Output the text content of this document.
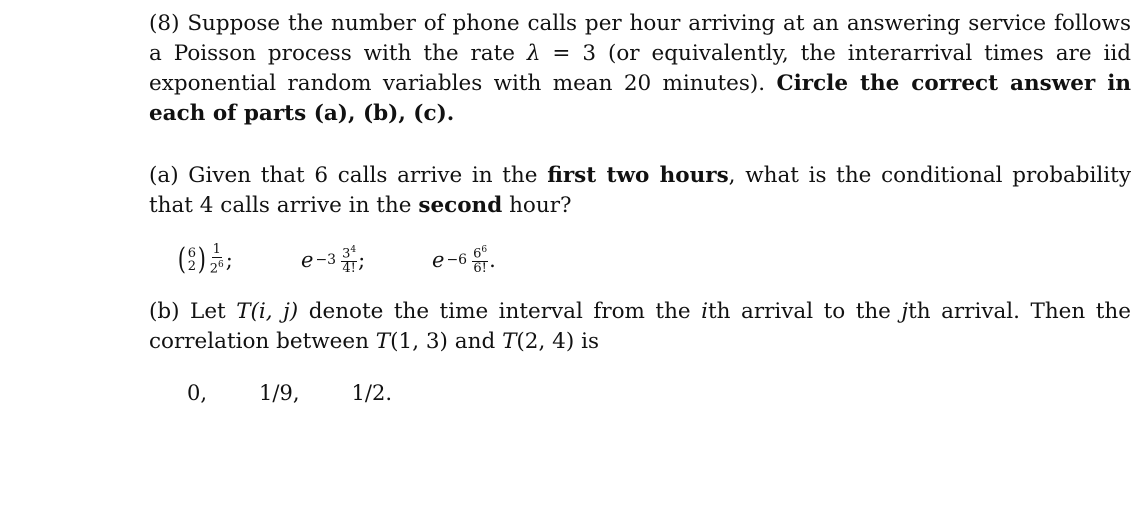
(8) Suppose the number of phone calls per hour arriving at an answering service follows a Poisson process with the rate λ = 3 (or equivalently, the interarrival times are iid exponential random variables with mean 20 minutes). Circle the correct answer in each of parts (a), (b), (c).

(a) Given that 6 calls arrive in the first two hours, what is the conditional probability that 4 calls arrive in the second hour?

( 6
2 ) $\frac{1}{2^6}$ ;	$e -3 \frac{3^4}{4!}$ ;	$e -6 \frac{6^6}{6!}$ .

(b) Let T(i, j) denote the time interval from the ith arrival to the jth arrival. Then the correlation between T(1, 3) and T(2, 4) is

0, 1/9, 1/2.
